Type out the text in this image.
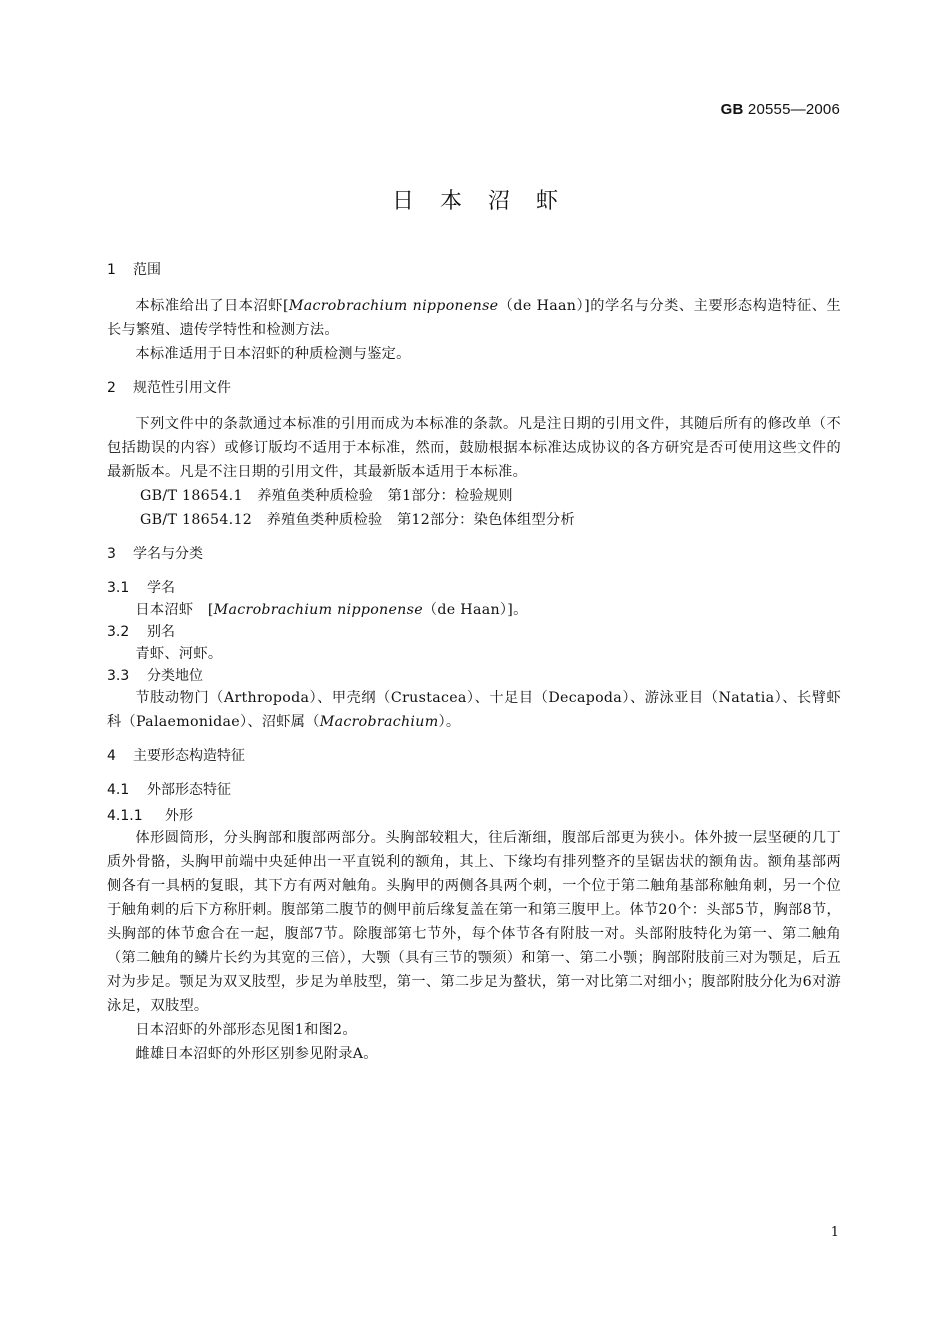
GB 20555—2006
日本沼虾
1 范围

本标准给出了日本沼虾[Macrobrachium nipponense（de Haan）]的学名与分类、主要形态构造特征、生长与繁殖、遗传学特性和检测方法。

本标准适用于日本沼虾的种质检测与鉴定。

2 规范性引用文件

下列文件中的条款通过本标准的引用而成为本标准的条款。凡是注日期的引用文件，其随后所有的修改单（不包括勘误的内容）或修订版均不适用于本标准，然而，鼓励根据本标准达成协议的各方研究是否可使用这些文件的最新版本。凡是不注日期的引用文件，其最新版本适用于本标准。

GB/T 18654.1　养殖鱼类种质检验　第1部分：检验规则

GB/T 18654.12　养殖鱼类种质检验　第12部分：染色体组型分析

3 学名与分类
3.1 学名

日本沼虾　[Macrobrachium nipponense（de Haan）]。

3.2 别名

青虾、河虾。

3.3 分类地位

节肢动物门（Arthropoda）、甲壳纲（Crustacea）、十足目（Decapoda）、游泳亚目（Natatia）、长臂虾科（Palaemonidae）、沼虾属（Macrobrachium）。

4 主要形态构造特征
4.1 外部形态特征
4.1.1 外形

体形圆筒形，分头胸部和腹部两部分。头胸部较粗大，往后渐细，腹部后部更为狭小。体外披一层坚硬的几丁质外骨骼，头胸甲前端中央延伸出一平直锐利的额角，其上、下缘均有排列整齐的呈锯齿状的额角齿。额角基部两侧各有一具柄的复眼，其下方有两对触角。头胸甲的两侧各具两个刺，一个位于第二触角基部称触角刺，另一个位于触角刺的后下方称肝刺。腹部第二腹节的侧甲前后缘复盖在第一和第三腹甲上。体节20个：头部5节，胸部8节，头胸部的体节愈合在一起，腹部7节。除腹部第七节外，每个体节各有附肢一对。头部附肢特化为第一、第二触角（第二触角的鳞片长约为其宽的三倍），大颚（具有三节的颚须）和第一、第二小颚；胸部附肢前三对为颚足，后五对为步足。颚足为双叉肢型，步足为单肢型，第一、第二步足为螯状，第一对比第二对细小；腹部附肢分化为6对游泳足，双肢型。

日本沼虾的外部形态见图1和图2。

雌雄日本沼虾的外形区别参见附录A。

1
